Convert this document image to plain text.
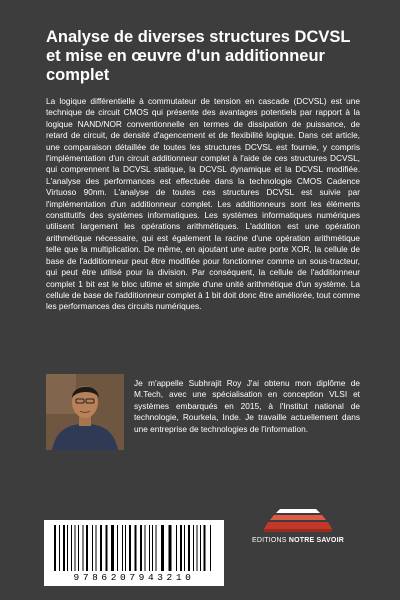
Analyse de diverses structures DCVSL et mise en œuvre d'un additionneur complet

La logique différentielle à commutateur de tension en cascade (DCVSL) est une technique de circuit CMOS qui présente des avantages potentiels par rapport à la logique NAND/NOR conventionnelle en termes de dissipation de puissance, de retard de circuit, de densité d'agencement et de flexibilité logique. Dans cet article, une comparaison détaillée de toutes les structures DCVSL est fournie, y compris l'implémentation d'un circuit additionneur complet à l'aide de ces structures DCVSL, qui comprennent la DCVSL statique, la DCVSL dynamique et la DCVSL modifiée. L'analyse des performances est effectuée dans la technologie CMOS Cadence Virtuoso 90nm. L'analyse de toutes ces structures DCVSL est suivie par l'implémentation d'un additionneur complet. Les additionneurs sont les éléments constitutifs des systèmes informatiques. Les systèmes informatiques numériques utilisent largement les opérations arithmétiques. L'addition est une opération arithmétique nécessaire, qui est également la racine d'une opération arithmétique telle que la multiplication. De même, en ajoutant une autre porte XOR, la cellule de base de l'additionneur peut être modifiée pour fonctionner comme un sous-tracteur, qui peut être utilisé pour la division. Par conséquent, la cellule de l'additionneur complet 1 bit est le bloc ultime et simple d'une unité arithmétique d'un système. La cellule de base de l'additionneur complet à 1 bit doit donc être améliorée, tout comme les performances des circuits numériques.

Je m'appelle Subhrajit Roy J'ai obtenu mon diplôme de M.Tech, avec une spécialisation en conception VLSI et systèmes embarqués en 2015, à l'Institut national de technologie, Rourkela, Inde. Je travaille actuellement dans une entreprise de technologies de l'information.

EDITIONS NOTRE SAVOIR
9786207943210
